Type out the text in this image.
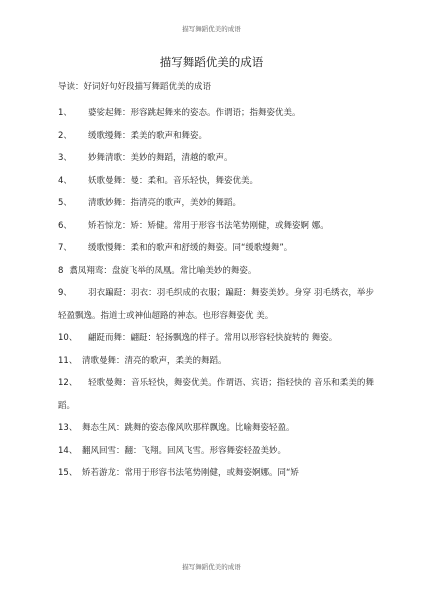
描写舞蹈优美的成语
描写舞蹈优美的成语
导读：好词好句好段描写舞蹈优美的成语

1、 婆娑起舞：形容跳起舞来的姿态。作谓语；指舞姿优美。

2、 缓歌缦舞：柔美的歌声和舞姿。

3、 妙舞清歌：美妙的舞蹈，清越的歌声。

4、 妖歌曼舞：曼：柔和。音乐轻快，舞姿优美。

5、 清歌妙舞：指清亮的歌声，美妙的舞蹈。

6、 矫若惊龙：矫：矫健。常用于形容书法笔势刚健，或舞姿婀 娜。

7、 缓歌慢舞：柔和的歌声和舒缓的舞姿。同“缓歌缦舞”。

8 翥凤翔鸾：盘旋飞举的凤凰。常比喻美妙的舞姿。

9、 羽衣蹁跹：羽衣：羽毛织成的衣服；蹁跹：舞姿美妙。身穿 羽毛绣衣，举步轻盈飘逸。指道士或神仙超路的神态。也形容舞姿优 美。

10、 翩跹而舞：翩跹：轻扬飘逸的样子。常用以形容轻快旋转的 舞姿。

11、 清歌曼舞：清亮的歌声，柔美的舞蹈。

12、 轻歌曼舞：音乐轻快，舞姿优美。作谓语、宾语；指轻快的 音乐和柔美的舞蹈。

13、 舞态生风：跳舞的姿态像风吹那样飘逸。比喻舞姿轻盈。

14、 翻风回雪：翻：飞翔。回风飞雪。形容舞姿轻盈美妙。

15、 矫若游龙：常用于形容书法笔势刚健，或舞姿婀娜。同“矫

描写舞蹈优美的成语
